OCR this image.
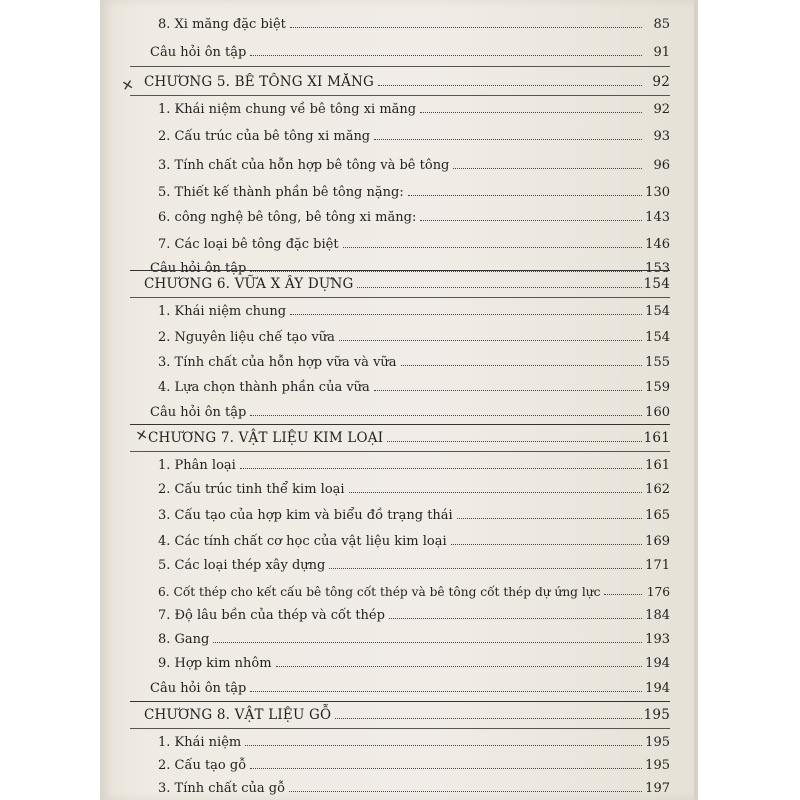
✕
✕
8. Xi măng đặc biệt	85
Câu hỏi ôn tập	91
CHƯƠNG 5. BÊ TÔNG XI MĂNG	92
1. Khái niệm chung về bê tông xi măng	92
2. Cấu trúc của bê tông xi măng	93
3. Tính chất của hỗn hợp bê tông và bê tông	96
5. Thiết kế thành phần bê tông nặng:	130
6. công nghệ bê tông, bê tông xi măng:	143
7. Các loại bê tông đặc biệt	146
Câu hỏi ôn tập	153
CHƯƠNG 6. VỮA X ÂY DỰNG	154
1. Khái niệm chung	154
2. Nguyên liệu chế tạo vữa	154
3. Tính chất của hỗn hợp vữa và vữa	155
4. Lựa chọn thành phần của vữa	159
Câu hỏi ôn tập	160
CHƯƠNG 7. VẬT LIỆU KIM LOẠI	161
1. Phân loại	161
2. Cấu trúc tinh thể kim loại	162
3. Cấu tạo của hợp kim và biểu đồ trạng thái	165
4. Các tính chất cơ học của vật liệu kim loại	169
5. Các loại thép xây dựng	171
6. Cốt thép cho kết cấu bê tông cốt thép và bê tông cốt thép dự ứng lực	176
7. Độ lâu bền của thép và cốt thép	184
8. Gang	193
9. Hợp kim nhôm	194
Câu hỏi ôn tập	194
CHƯƠNG 8. VẬT LIỆU GỖ	195
1. Khái niệm	195
2. Cấu tạo gỗ	195
3. Tính chất của gỗ	197
